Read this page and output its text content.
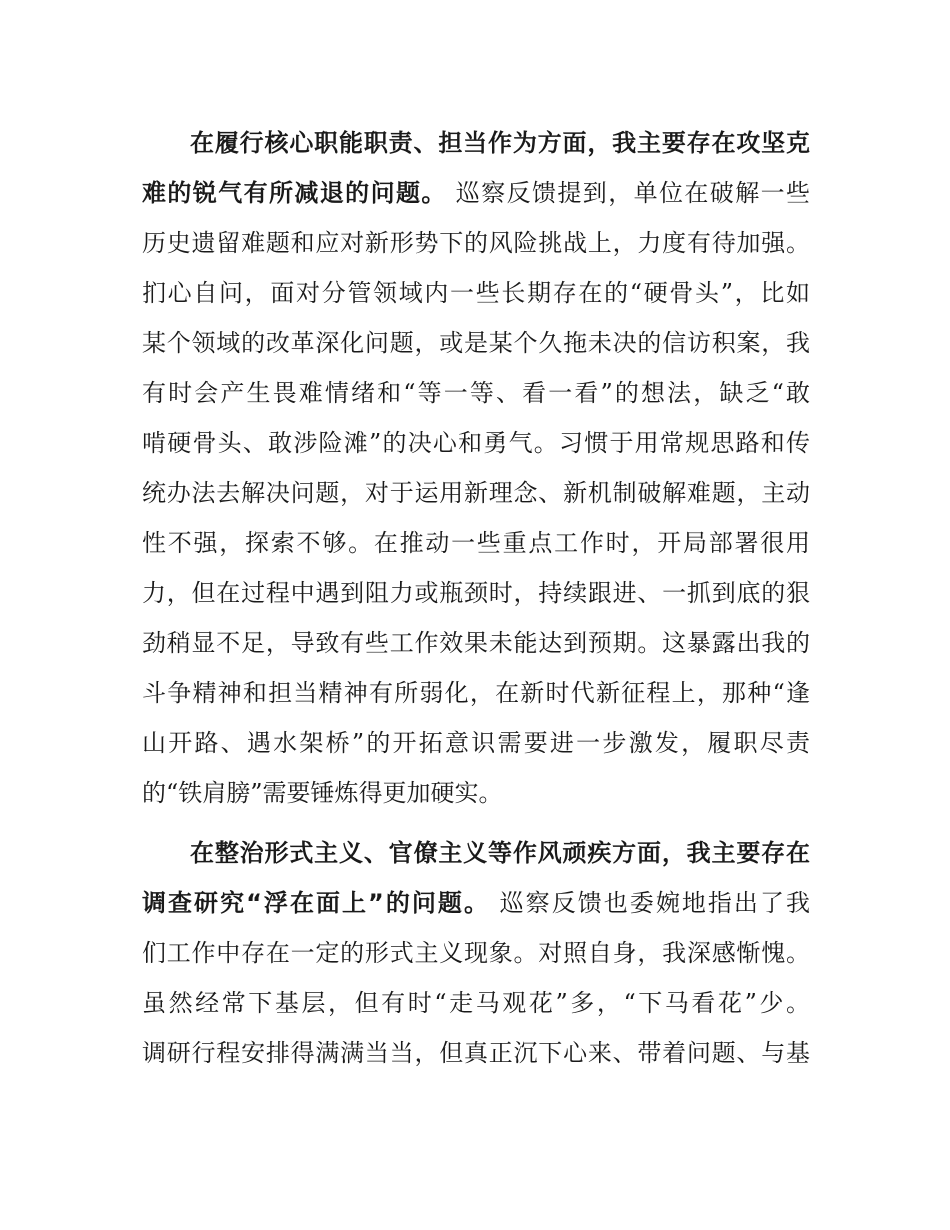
在履行核心职能职责、担当作为方面，我主要存在攻坚克
难的锐气有所减退的问题。 巡察反馈提到，单位在破解一些
历史遗留难题和应对新形势下的风险挑战上，力度有待加强。
扪心自问，面对分管领域内一些长期存在的“硬骨头”，比如
某个领域的改革深化问题，或是某个久拖未决的信访积案，我
有时会产生畏难情绪和“等一等、看一看”的想法，缺乏“敢
啃硬骨头、敢涉险滩”的决心和勇气。习惯于用常规思路和传
统办法去解决问题，对于运用新理念、新机制破解难题，主动
性不强，探索不够。在推动一些重点工作时，开局部署很用
力，但在过程中遇到阻力或瓶颈时，持续跟进、一抓到底的狠
劲稍显不足，导致有些工作效果未能达到预期。这暴露出我的
斗争精神和担当精神有所弱化，在新时代新征程上，那种“逢
山开路、遇水架桥”的开拓意识需要进一步激发，履职尽责
的“铁肩膀”需要锤炼得更加硬实。
在整治形式主义、官僚主义等作风顽疾方面，我主要存在
调查研究“浮在面上”的问题。 巡察反馈也委婉地指出了我
们工作中存在一定的形式主义现象。对照自身，我深感惭愧。
虽然经常下基层，但有时“走马观花”多，“下马看花”少。
调研行程安排得满满当当，但真正沉下心来、带着问题、与基
